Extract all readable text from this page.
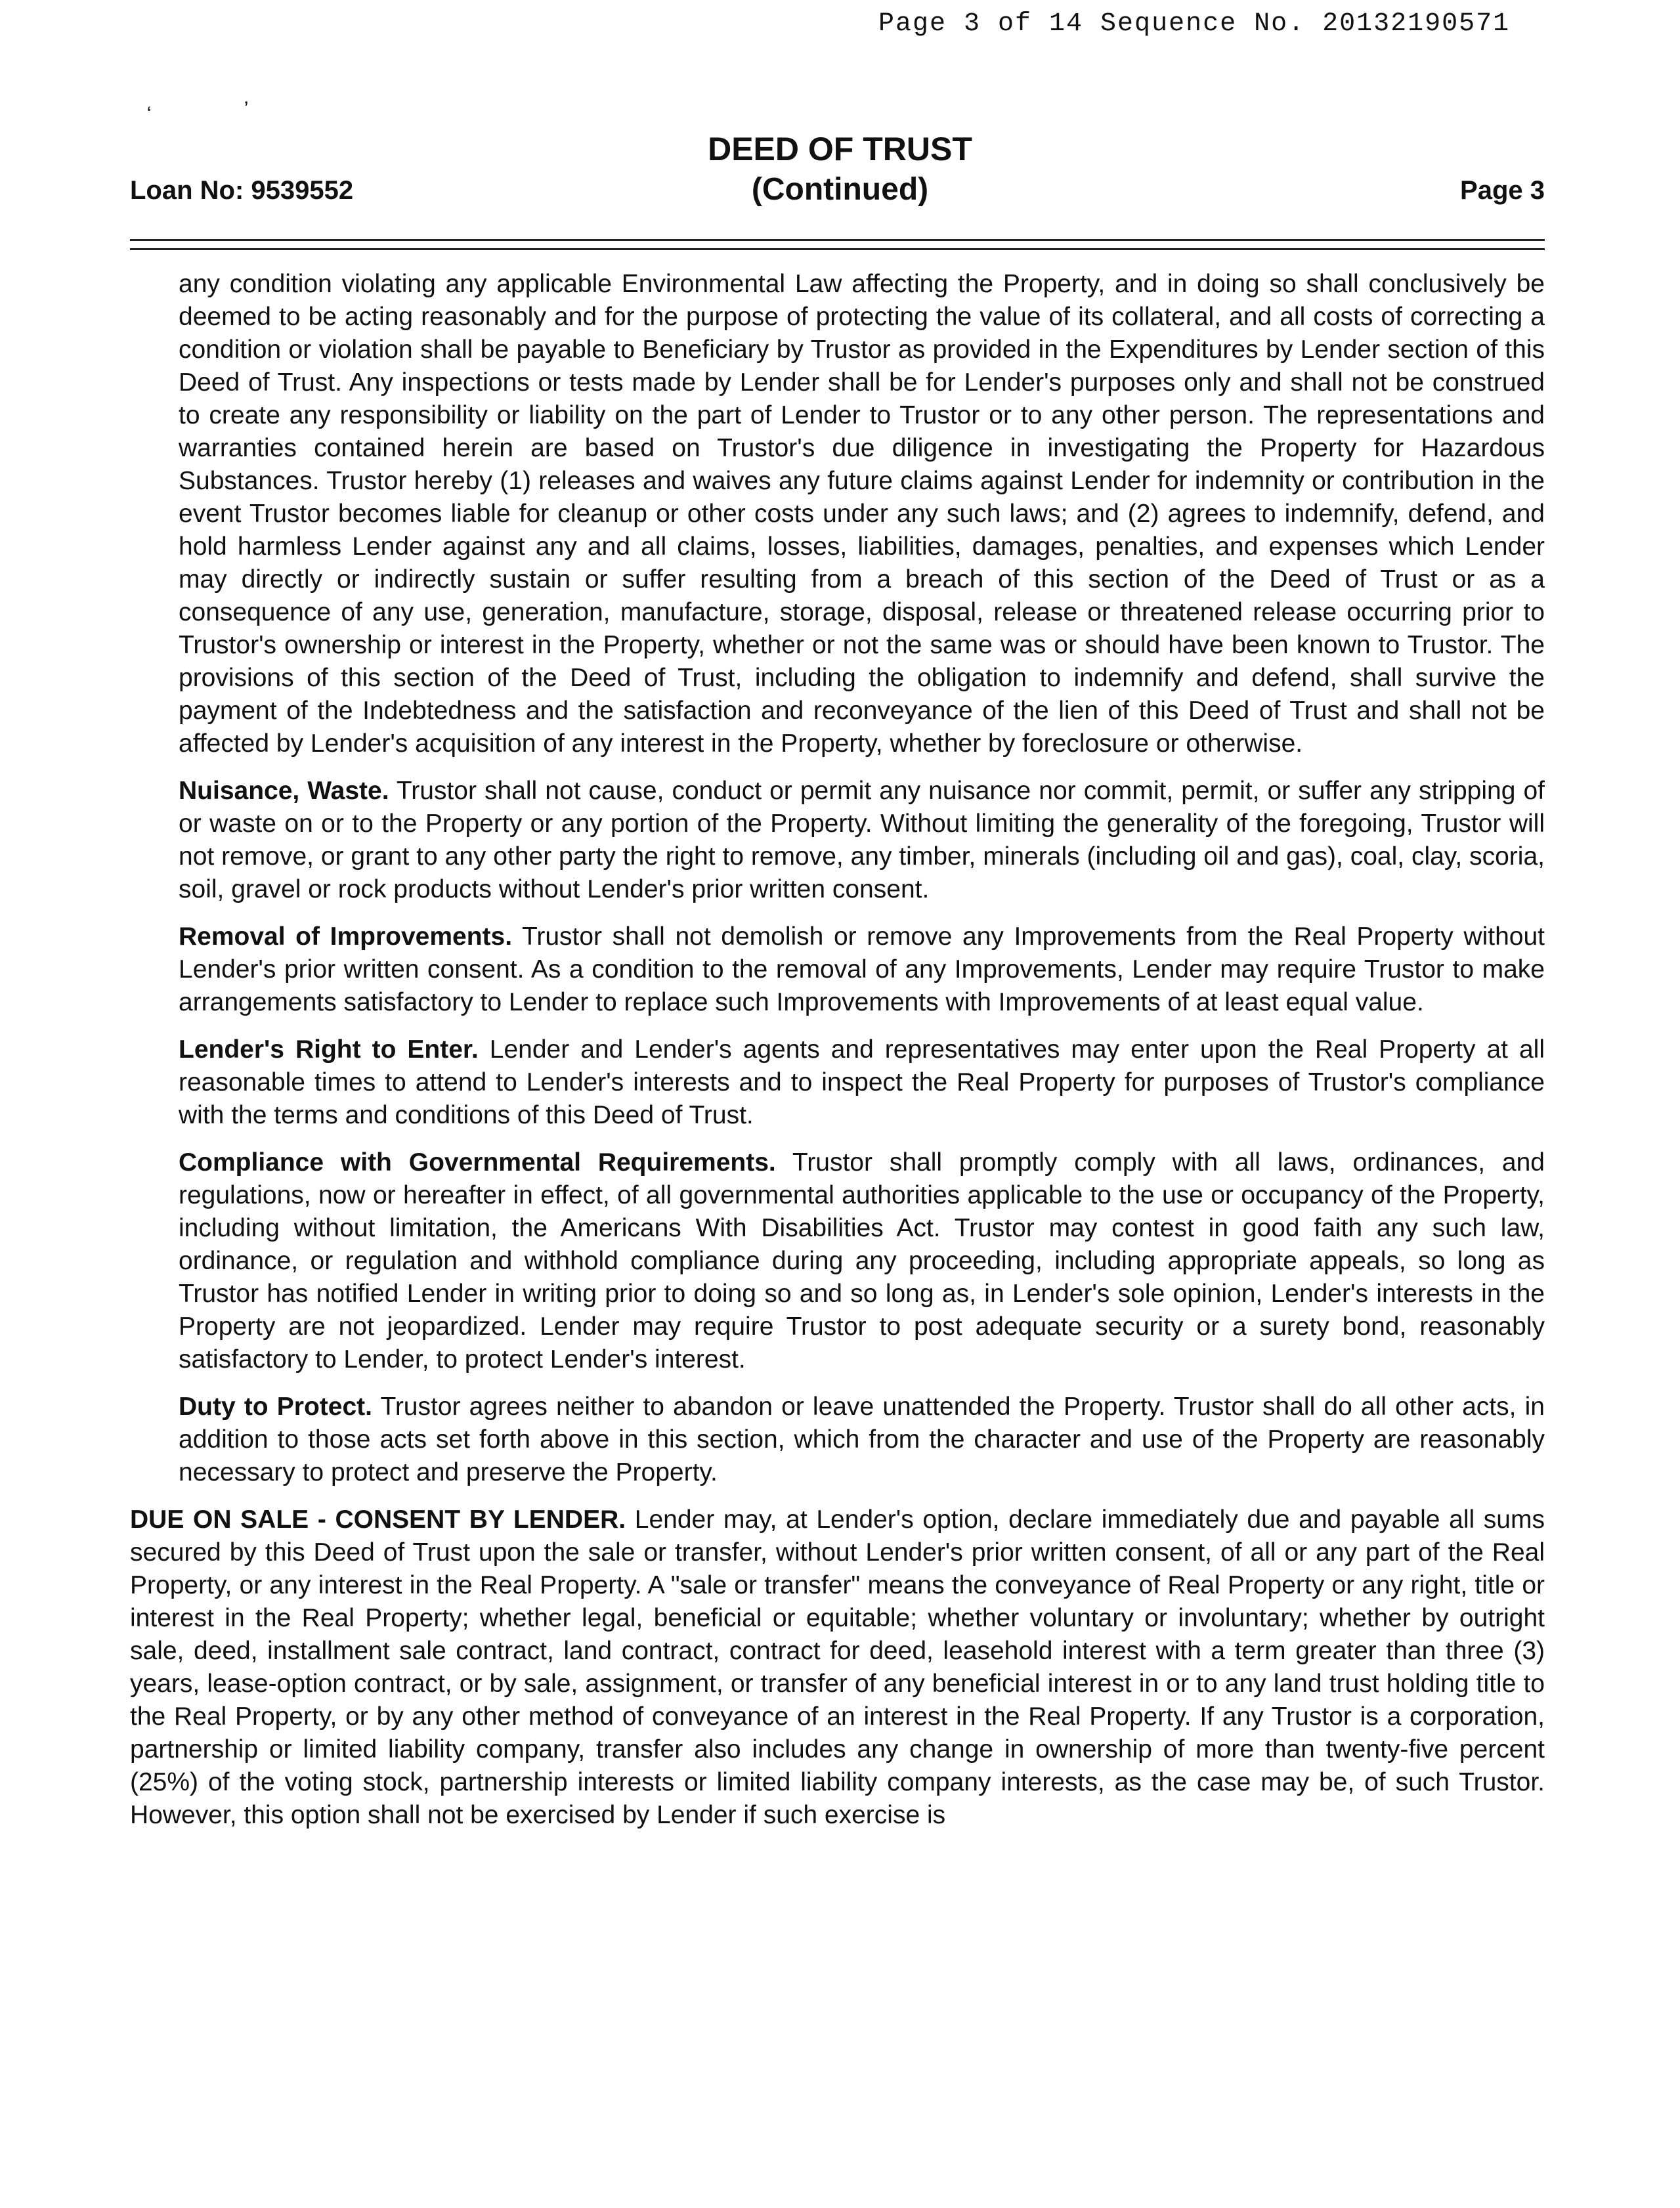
Page 3 of 14 Sequence No. 20132190571
‘	’
DEED OF TRUST
(Continued)
Loan No: 9539552	Page 3

any condition violating any applicable Environmental Law affecting the Property, and in doing so shall conclusively be deemed to be acting reasonably and for the purpose of protecting the value of its collateral, and all costs of correcting a condition or violation shall be payable to Beneficiary by Trustor as provided in the Expenditures by Lender section of this Deed of Trust. Any inspections or tests made by Lender shall be for Lender's purposes only and shall not be construed to create any responsibility or liability on the part of Lender to Trustor or to any other person. The representations and warranties contained herein are based on Trustor's due diligence in investigating the Property for Hazardous Substances. Trustor hereby (1) releases and waives any future claims against Lender for indemnity or contribution in the event Trustor becomes liable for cleanup or other costs under any such laws; and (2) agrees to indemnify, defend, and hold harmless Lender against any and all claims, losses, liabilities, damages, penalties, and expenses which Lender may directly or indirectly sustain or suffer resulting from a breach of this section of the Deed of Trust or as a consequence of any use, generation, manufacture, storage, disposal, release or threatened release occurring prior to Trustor's ownership or interest in the Property, whether or not the same was or should have been known to Trustor. The provisions of this section of the Deed of Trust, including the obligation to indemnify and defend, shall survive the payment of the Indebtedness and the satisfaction and reconveyance of the lien of this Deed of Trust and shall not be affected by Lender's acquisition of any interest in the Property, whether by foreclosure or otherwise.

Nuisance, Waste. Trustor shall not cause, conduct or permit any nuisance nor commit, permit, or suffer any stripping of or waste on or to the Property or any portion of the Property. Without limiting the generality of the foregoing, Trustor will not remove, or grant to any other party the right to remove, any timber, minerals (including oil and gas), coal, clay, scoria, soil, gravel or rock products without Lender's prior written consent.

Removal of Improvements. Trustor shall not demolish or remove any Improvements from the Real Property without Lender's prior written consent. As a condition to the removal of any Improvements, Lender may require Trustor to make arrangements satisfactory to Lender to replace such Improvements with Improvements of at least equal value.

Lender's Right to Enter. Lender and Lender's agents and representatives may enter upon the Real Property at all reasonable times to attend to Lender's interests and to inspect the Real Property for purposes of Trustor's compliance with the terms and conditions of this Deed of Trust.

Compliance with Governmental Requirements. Trustor shall promptly comply with all laws, ordinances, and regulations, now or hereafter in effect, of all governmental authorities applicable to the use or occupancy of the Property, including without limitation, the Americans With Disabilities Act. Trustor may contest in good faith any such law, ordinance, or regulation and withhold compliance during any proceeding, including appropriate appeals, so long as Trustor has notified Lender in writing prior to doing so and so long as, in Lender's sole opinion, Lender's interests in the Property are not jeopardized. Lender may require Trustor to post adequate security or a surety bond, reasonably satisfactory to Lender, to protect Lender's interest.

Duty to Protect. Trustor agrees neither to abandon or leave unattended the Property. Trustor shall do all other acts, in addition to those acts set forth above in this section, which from the character and use of the Property are reasonably necessary to protect and preserve the Property.

DUE ON SALE - CONSENT BY LENDER. Lender may, at Lender's option, declare immediately due and payable all sums secured by this Deed of Trust upon the sale or transfer, without Lender's prior written consent, of all or any part of the Real Property, or any interest in the Real Property. A "sale or transfer" means the conveyance of Real Property or any right, title or interest in the Real Property; whether legal, beneficial or equitable; whether voluntary or involuntary; whether by outright sale, deed, installment sale contract, land contract, contract for deed, leasehold interest with a term greater than three (3) years, lease-option contract, or by sale, assignment, or transfer of any beneficial interest in or to any land trust holding title to the Real Property, or by any other method of conveyance of an interest in the Real Property. If any Trustor is a corporation, partnership or limited liability company, transfer also includes any change in ownership of more than twenty-five percent (25%) of the voting stock, partnership interests or limited liability company interests, as the case may be, of such Trustor. However, this option shall not be exercised by Lender if such exercise is
